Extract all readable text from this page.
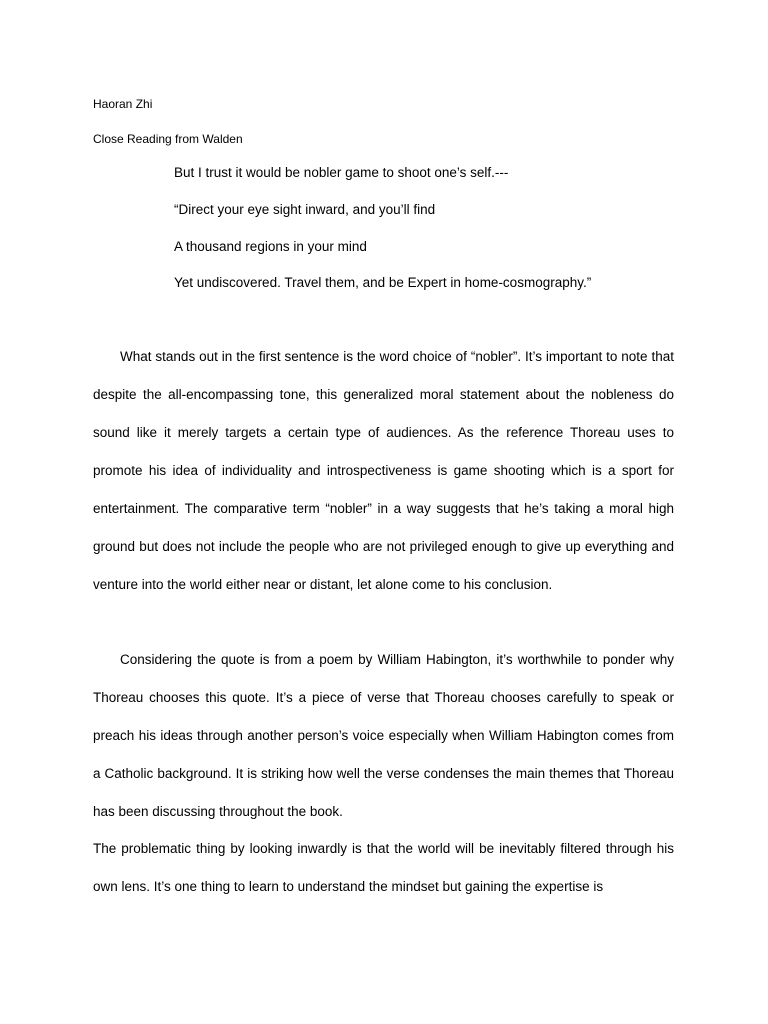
Haoran Zhi
Close Reading from Walden
But I trust it would be nobler game to shoot one’s self.---
“Direct your eye sight inward, and you’ll find
A thousand regions in your mind
Yet undiscovered. Travel them, and be Expert in home-cosmography.”

What stands out in the first sentence is the word choice of “nobler”. It’s important to note that despite the all-encompassing tone, this generalized moral statement about the nobleness do sound like it merely targets a certain type of audiences. As the reference Thoreau uses to promote his idea of individuality and introspectiveness is game shooting which is a sport for entertainment. The comparative term “nobler” in a way suggests that he’s taking a moral high ground but does not include the people who are not privileged enough to give up everything and venture into the world either near or distant, let alone come to his conclusion.

Considering the quote is from a poem by William Habington, it’s worthwhile to ponder why Thoreau chooses this quote. It’s a piece of verse that Thoreau chooses carefully to speak or preach his ideas through another person’s voice especially when William Habington comes from a Catholic background. It is striking how well the verse condenses the main themes that Thoreau has been discussing throughout the book.

The problematic thing by looking inwardly is that the world will be inevitably filtered through his own lens. It’s one thing to learn to understand the mindset but gaining the expertise is
